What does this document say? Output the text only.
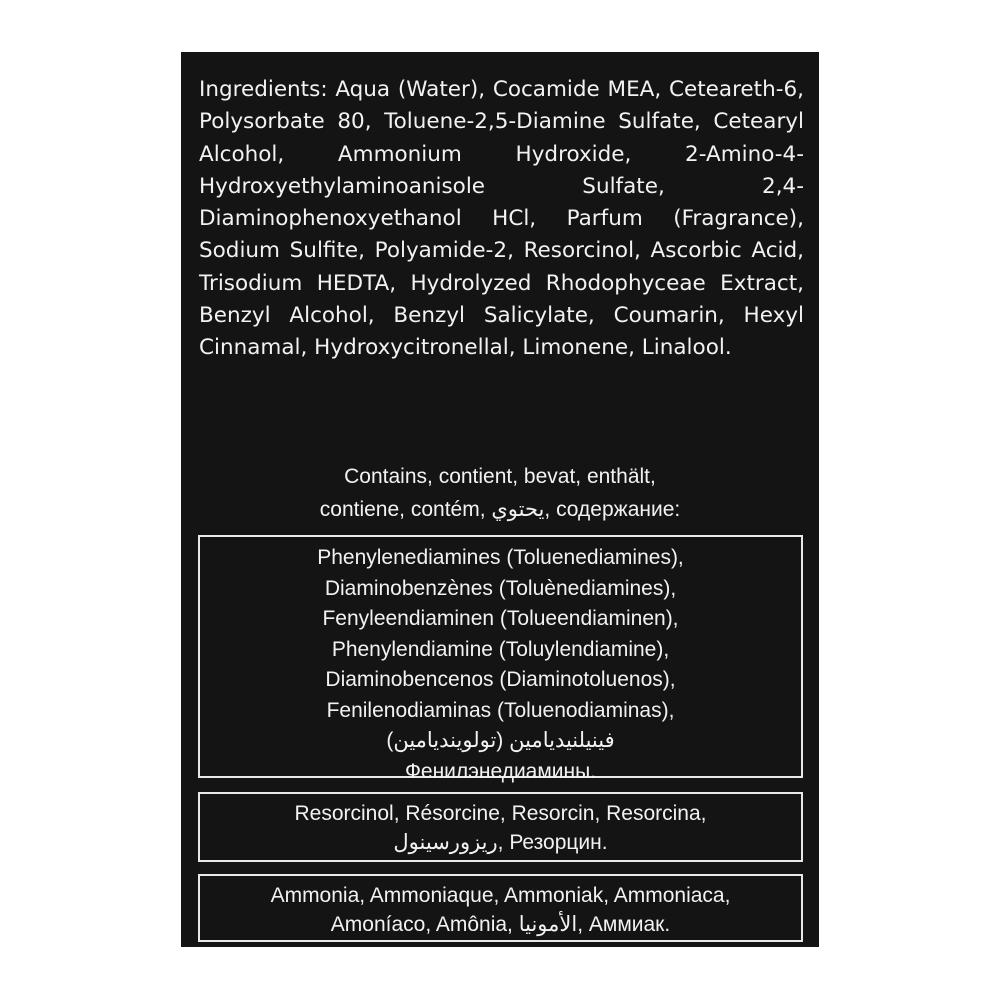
Ingredients: Aqua (Water), Cocamide MEA, Ceteareth-6, Polysorbate 80, Toluene-2,5-Diamine Sulfate, Cetearyl Alcohol, Ammonium Hydroxide, 2-Amino-4-Hydroxyethylaminoanisole Sulfate, 2,4-Diaminophenoxyethanol HCl, Parfum (Fragrance), Sodium Sulfite, Polyamide-2, Resorcinol, Ascorbic Acid, Trisodium HEDTA, Hydrolyzed Rhodophyceae Extract, Benzyl Alcohol, Benzyl Salicylate, Coumarin, Hexyl Cinnamal, Hydroxycitronellal, Limonene, Linalool.

Contains, contient, bevat, enthält,
contiene, contém, يحتوي, содержание:

Phenylenediamines (Toluenediamines),
Diaminobenzènes (Toluènediamines),
Fenyleendiaminen (Tolueendiaminen),
Phenylendiamine (Toluylendiamine),
Diaminobencenos (Diaminotoluenos),
Fenilenodiaminas (Toluenodiaminas),
فينيلنيديامين (تولوينديامين)
Фенилэнедиамины.
Resorcinol, Résorcine, Resorcin, Resorcina,
ريزورسينول, Резорцин.
Ammonia, Ammoniaque, Ammoniak, Ammoniaca,
Amoníaco, Amônia, الأمونيا, Аммиак.
